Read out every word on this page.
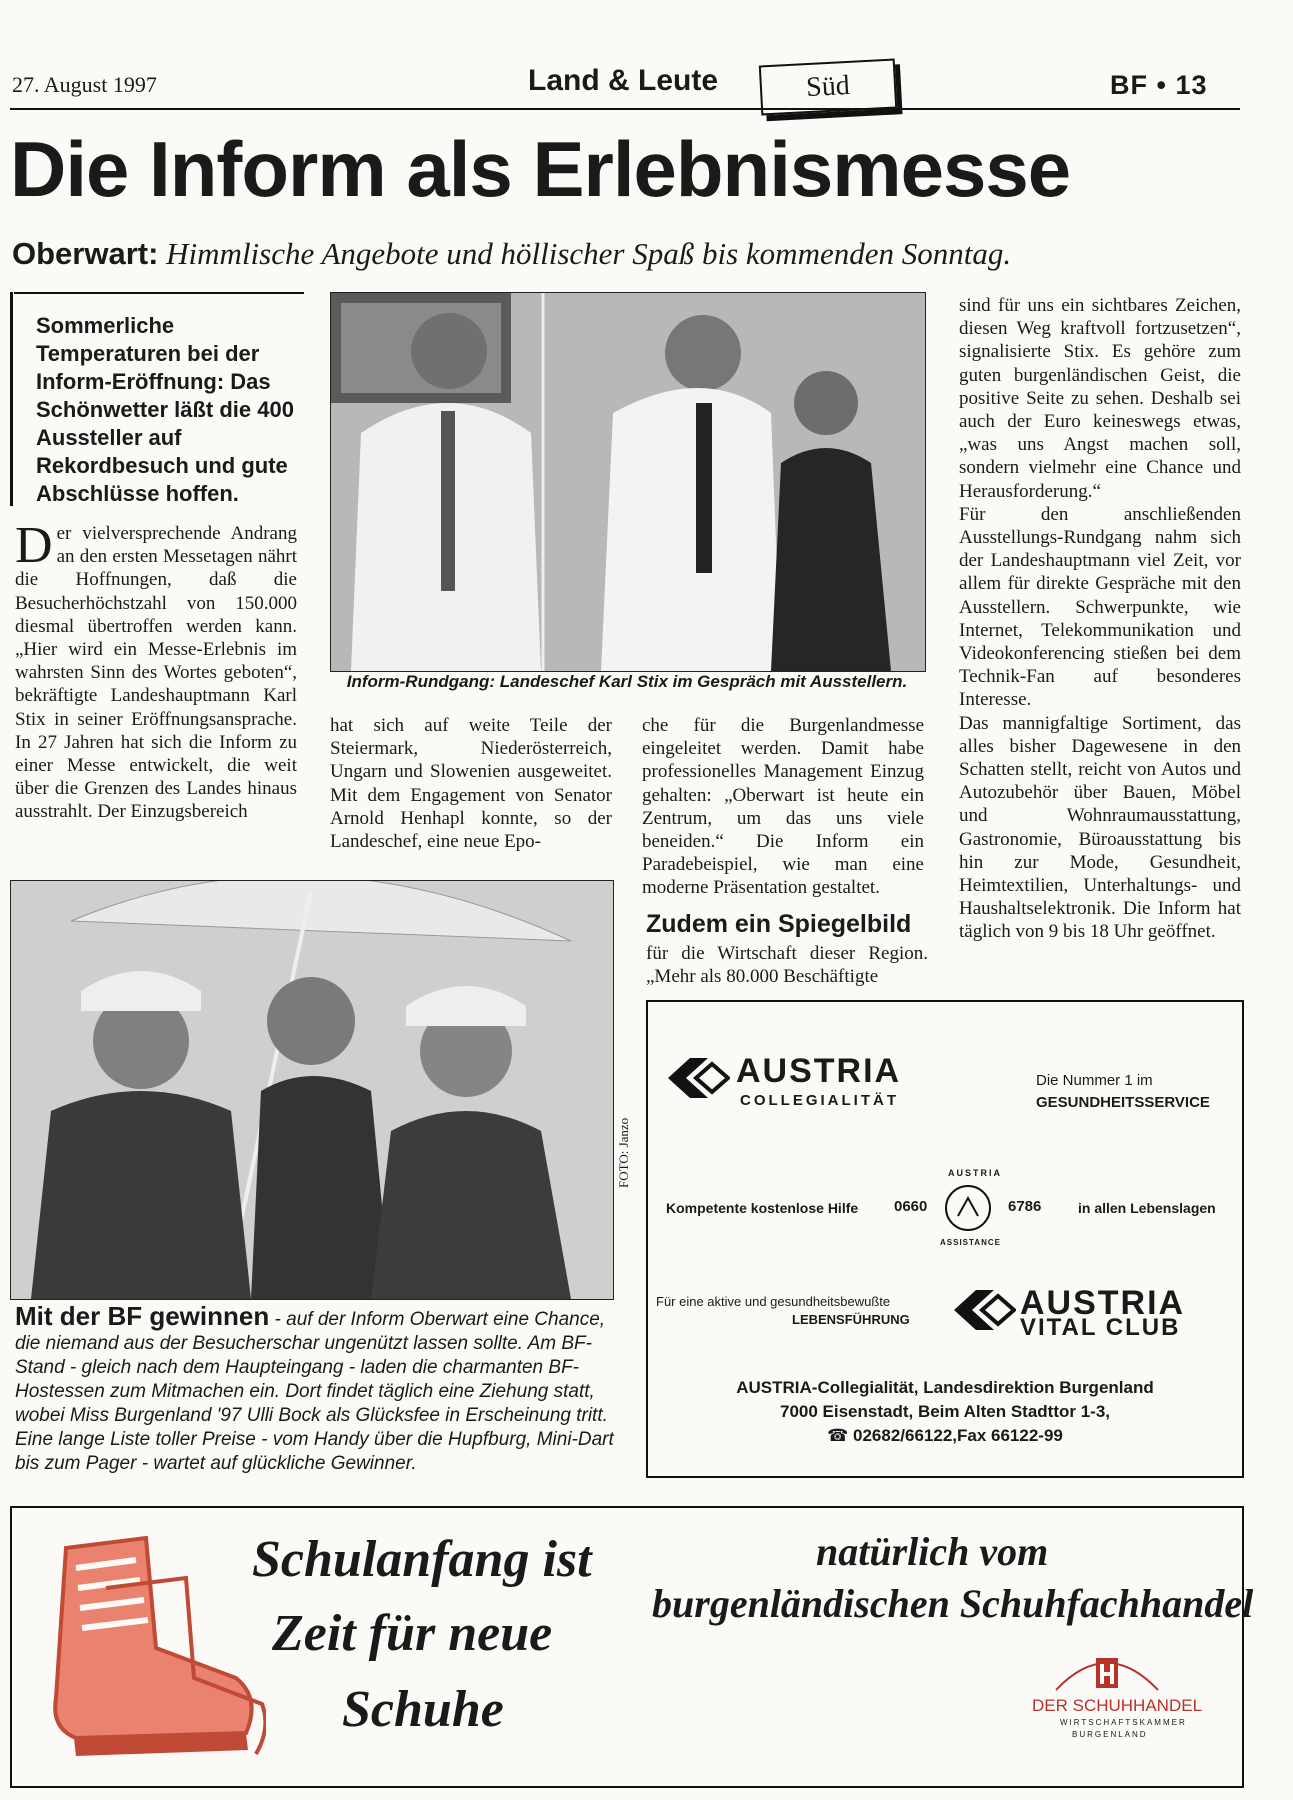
27. August 1997	Land & Leute	Süd	BF • 13
Die Inform als Erlebnismesse
Oberwart: Himmlische Angebote und höllischer Spaß bis kommenden Sonntag.
Sommerliche Temperaturen bei der Inform-Eröffnung: Das Schönwetter läßt die 400 Aussteller auf Rekordbesuch und gute Abschlüsse hoffen.
Der vielversprechende Andrang an den ersten Messetagen nährt die Hoffnungen, daß die Besucherhöchstzahl von 150.000 diesmal übertroffen werden kann. „Hier wird ein Messe-Erlebnis im wahrsten Sinn des Wortes geboten“, bekräftigte Landeshauptmann Karl Stix in seiner Eröffnungsansprache. In 27 Jahren hat sich die Inform zu einer Messe entwickelt, die weit über die Grenzen des Landes hinaus ausstrahlt. Der Einzugsbereich
Inform-Rundgang: Landeschef Karl Stix im Gespräch mit Ausstellern.
hat sich auf weite Teile der Steiermark, Niederösterreich, Ungarn und Slowenien ausgeweitet. Mit dem Engagement von Senator Arnold Henhapl konnte, so der Landeschef, eine neue Epo-
che für die Burgenlandmesse eingeleitet werden. Damit habe professionelles Management Einzug gehalten: „Oberwart ist heute ein Zentrum, um das uns viele beneiden.“ Die Inform ein Paradebeispiel, wie man eine moderne Präsentation gestaltet.
Zudem ein Spiegelbild
für die Wirtschaft dieser Region. „Mehr als 80.000 Beschäftigte

sind für uns ein sichtbares Zeichen, diesen Weg kraftvoll fortzusetzen“, signalisierte Stix. Es gehöre zum guten burgenländischen Geist, die positive Seite zu sehen. Deshalb sei auch der Euro keineswegs etwas, „was uns Angst machen soll, sondern vielmehr eine Chance und Herausforderung.“

Für den anschließenden Ausstellungs-Rundgang nahm sich der Landeshauptmann viel Zeit, vor allem für direkte Gespräche mit den Ausstellern. Schwerpunkte, wie Internet, Telekommunikation und Videokonferencing stießen bei dem Technik-Fan auf besonderes Interesse.

Das mannigfaltige Sortiment, das alles bisher Dagewesene in den Schatten stellt, reicht von Autos und Autozubehör über Bauen, Möbel und Wohnraumausstattung, Gastronomie, Büroausstattung bis hin zur Mode, Gesundheit, Heimtextilien, Unterhaltungs- und Haushaltselektronik. Die Inform hat täglich von 9 bis 18 Uhr geöffnet.

FOTO: Janzo
Mit der BF gewinnen - auf der Inform Oberwart eine Chance, die niemand aus der Besucherschar ungenützt lassen sollte. Am BF-Stand - gleich nach dem Haupteingang - laden die charmanten BF-Hostessen zum Mitmachen ein. Dort findet täglich eine Ziehung statt, wobei Miss Burgenland '97 Ulli Bock als Glücksfee in Erscheinung tritt. Eine lange Liste toller Preise - vom Handy über die Hupfburg, Mini-Dart bis zum Pager - wartet auf glückliche Gewinner.
AUSTRIA
COLLEGIALITÄT
Die Nummer 1 im
GESUNDHEITSSERVICE
Kompetente kostenlose Hilfe 0660
AUSTRIA
ASSISTANCE
6786	in allen Lebenslagen
Für eine aktive und gesundheitsbewußte
LEBENSFÜHRUNG	AUSTRIA
VITAL CLUB
AUSTRIA-Collegialität, Landesdirektion Burgenland
7000 Eisenstadt, Beim Alten Stadttor 1-3,
☎ 02682/66122,Fax 66122-99
Schulanfang ist
Zeit für neue
Schuhe
natürlich vom
burgenländischen Schuhfachhandel
DER SCHUHHANDEL
WIRTSCHAFTSKAMMER
BURGENLAND
